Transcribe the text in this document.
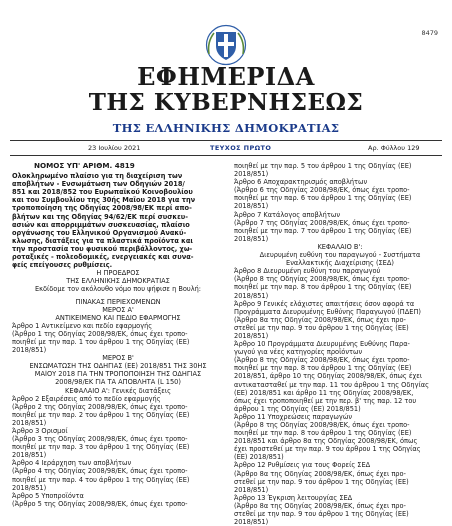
8479
ΕΦΗΜΕΡΙΔΑ
ΤΗΣ ΚΥΒΕΡΝΗΣΕΩΣ
ΤΗΣ ΕΛΛΗΝΙΚΗΣ ΔΗΜΟΚΡΑΤΙΑΣ
23 Ιουλίου 2021	ΤΕΥΧΟΣ ΠΡΩΤΟ	Αρ. Φύλλου 129
ΝΟΜΟΣ ΥΠ' ΑΡΙΘΜ. 4819
Ολοκληρωμένο πλαίσιο για τη διαχείριση των
αποβλήτων - Ενσωμάτωση των Οδηγιών 2018/
851 και 2018/852 του Ευρωπαϊκού Κοινοβουλίου
και του Συμβουλίου της 30ής Μαΐου 2018 για την
τροποποίηση της Οδηγίας 2008/98/ΕΚ περί απο-
βλήτων και της Οδηγίας 94/62/ΕΚ περί συσκευ-
ασιών και απορριμμάτων συσκευασίας, πλαίσιο
οργάνωσης του Ελληνικού Οργανισμού Ανακύ-
κλωσης, διατάξεις για τα πλαστικά προϊόντα και
την προστασία του φυσικού περιβάλλοντος, χω-
ροταξικές - πολεοδομικές, ενεργειακές και συνα-
φείς επείγουσες ρυθμίσεις.
Η ΠΡΟΕΔΡΟΣ
ΤΗΣ ΕΛΛΗΝΙΚΗΣ ΔΗΜΟΚΡΑΤΙΑΣ
Εκδίδομε τον ακόλουθο νόμο που ψήφισε η Βουλή:
ΠΙΝΑΚΑΣ ΠΕΡΙΕΧΟΜΕΝΩΝ
ΜΕΡΟΣ Α'
ΑΝΤΙΚΕΙΜΕΝΟ ΚΑΙ ΠΕΔΙΟ ΕΦΑΡΜΟΓΗΣ
Άρθρο 1 Αντικείμενο και πεδίο εφαρμογής
(Άρθρο 1 της Οδηγίας 2008/98/ΕΚ, όπως έχει τροπο-
ποιηθεί με την παρ. 1 του άρθρου 1 της Οδηγίας (ΕΕ)
2018/851)
ΜΕΡΟΣ Β'
ΕΝΣΩΜΑΤΩΣΗ ΤΗΣ ΟΔΗΓΙΑΣ (ΕΕ) 2018/851 ΤΗΣ 30ΗΣ
ΜΑΪΟΥ 2018 ΓΙΑ ΤΗΝ ΤΡΟΠΟΠΟΙΗΣΗ ΤΗΣ ΟΔΗΓΙΑΣ
2008/98/ΕΚ ΓΙΑ ΤΑ ΑΠΟΒΛΗΤΑ (L 150)
ΚΕΦΑΛΑΙΟ Α': Γενικές διατάξεις
Άρθρο 2 Εξαιρέσεις από το πεδίο εφαρμογής
(Άρθρο 2 της Οδηγίας 2008/98/ΕΚ, όπως έχει τροπο-
ποιηθεί με την παρ. 2 του άρθρου 1 της Οδηγίας (ΕΕ)
2018/851)
Άρθρο 3 Ορισμοί
(Άρθρο 3 της Οδηγίας 2008/98/ΕΚ, όπως έχει τροπο-
ποιηθεί με την παρ. 3 του άρθρου 1 της Οδηγίας (ΕΕ)
2018/851)
Άρθρο 4 Ιεράρχηση των αποβλήτων
(Άρθρο 4 της Οδηγίας 2008/98/ΕΚ, όπως έχει τροπο-
ποιηθεί με την παρ. 4 του άρθρου 1 της Οδηγίας (ΕΕ)
2018/851)
Άρθρο 5 Υποπροϊόντα
(Άρθρο 5 της Οδηγίας 2008/98/ΕΚ, όπως έχει τροπο-
ποιηθεί με την παρ. 5 του άρθρου 1 της Οδηγίας (ΕΕ)
2018/851)
Άρθρο 6 Αποχαρακτηρισμός αποβλήτων
(Άρθρο 6 της Οδηγίας 2008/98/ΕΚ, όπως έχει τροπο-
ποιηθεί με την παρ. 6 του άρθρου 1 της Οδηγίας (ΕΕ)
2018/851)
Άρθρο 7 Κατάλογος αποβλήτων
(Άρθρο 7 της Οδηγίας 2008/98/ΕΚ, όπως έχει τροπο-
ποιηθεί με την παρ. 7 του άρθρου 1 της Οδηγίας (ΕΕ)
2018/851)
ΚΕΦΑΛΑΙΟ Β':
Διευρυμένη ευθύνη του παραγωγού - Συστήματα
Εναλλακτικής Διαχείρισης (ΣΕΔ)
Άρθρο 8 Διευρυμένη ευθύνη του παραγωγού
(Άρθρο 8 της Οδηγίας 2008/98/ΕΚ, όπως έχει τροπο-
ποιηθεί με την παρ. 8 του άρθρου 1 της Οδηγίας (ΕΕ)
2018/851)
Άρθρο 9 Γενικές ελάχιστες απαιτήσεις όσον αφορά τα
Προγράμματα Διευρυμένης Ευθύνης Παραγωγού (ΠΔΕΠ)
(Άρθρο 8α της Οδηγίας 2008/98/ΕΚ, όπως έχει προ-
στεθεί με την παρ. 9 του άρθρου 1 της Οδηγίας (ΕΕ)
2018/851)
Άρθρο 10 Προγράμματα Διευρυμένης Ευθύνης Παρα-
γωγού για νέες κατηγορίες προϊόντων
(Άρθρο 8 της Οδηγίας 2008/98/ΕΚ, όπως έχει τροπο-
ποιηθεί με την παρ. 8 του άρθρου 1 της Οδηγίας (ΕΕ)
2018/851, άρθρο 10 της Οδηγίας 2008/98/ΕΚ, όπως έχει
αντικατασταθεί με την παρ. 11 του άρθρου 1 της Οδηγίας
(ΕΕ) 2018/851 και άρθρο 11 της Οδηγίας 2008/98/ΕΚ,
όπως έχει τροποποιηθεί με την περ. β' της παρ. 12 του
άρθρου 1 της Οδηγίας (ΕΕ) 2018/851)
Άρθρο 11 Υποχρεώσεις παραγωγών
(Άρθρο 8 της Οδηγίας 2008/98/ΕΚ, όπως έχει τροπο-
ποιηθεί με την παρ. 8 του άρθρου 1 της Οδηγίας (ΕΕ)
2018/851 και άρθρο 8α της Οδηγίας 2008/98/ΕΚ, όπως
έχει προστεθεί με την παρ. 9 του άρθρου 1 της Οδηγίας
(ΕΕ) 2018/851)
Άρθρο 12 Ρυθμίσεις για τους Φορείς ΣΕΔ
(Άρθρο 8α της Οδηγίας 2008/98/ΕΚ, όπως έχει προ-
στεθεί με την παρ. 9 του άρθρου 1 της Οδηγίας (ΕΕ)
2018/851)
Άρθρο 13 Έγκριση λειτουργίας ΣΕΔ
(Άρθρο 8α της Οδηγίας 2008/98/ΕΚ, όπως έχει προ-
στεθεί με την παρ. 9 του άρθρου 1 της Οδηγίας (ΕΕ)
2018/851)
